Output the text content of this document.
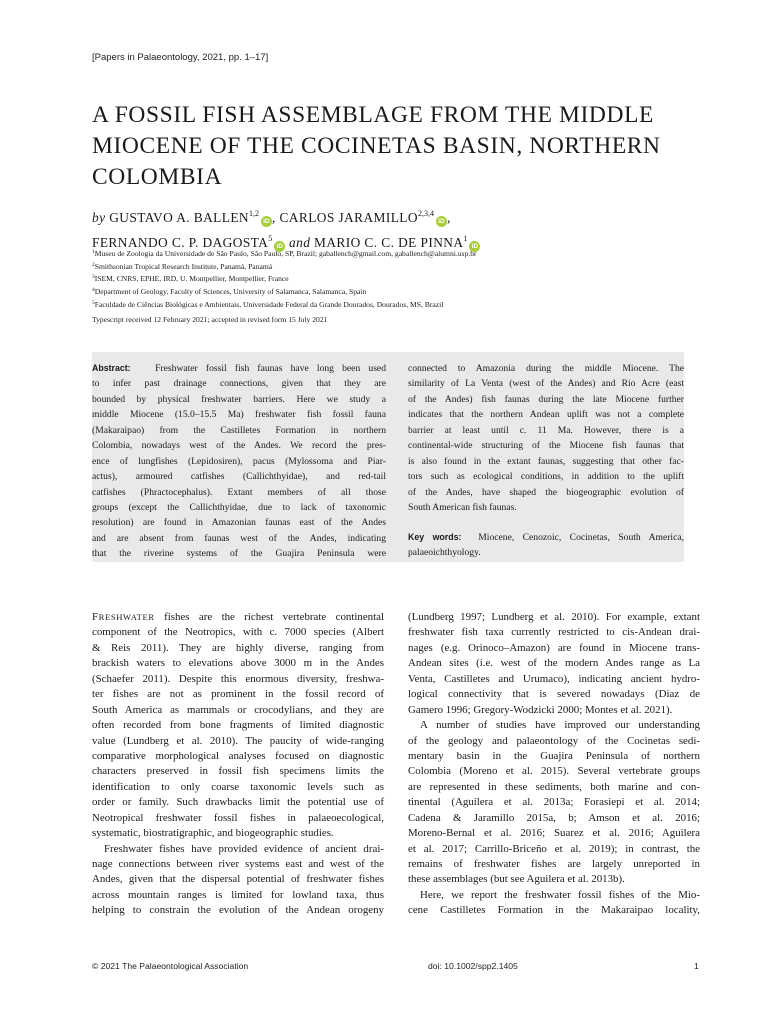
[Papers in Palaeontology, 2021, pp. 1–17]
A FOSSIL FISH ASSEMBLAGE FROM THE MIDDLE
MIOCENE OF THE COCINETAS BASIN, NORTHERN
COLOMBIA
by GUSTAVO A. BALLEN$^{1,2}$iD , CARLOS JARAMILLO$^{2,3,4}$iD ,
FERNANDO C. P. DAGOSTA$^5$iD and MARIO C. C. DE PINNA$^1$iD
$^1$Museu de Zoologia da Universidade de São Paulo, São Paulo, SP, Brazil; gaballench@gmail.com, gaballench@alumni.usp.br
$^2$Smithsonian Tropical Research Institute, Panamá, Panamá
$^3$ISEM, CNRS, EPHE, IRD, U. Montpellier, Montpellier, France
$^4$Department of Geology, Faculty of Sciences, University of Salamanca, Salamanca, Spain
$^5$Faculdade de Ciências Biológicas e Ambientais, Universidade Federal da Grande Dourados, Dourados, MS, Brazil
Typescript received 12 February 2021; accepted in revised form 15 July 2021
Abstract:	Freshwater fossil fish faunas have long been used
to infer past drainage connections, given that they are
bounded by physical freshwater barriers. Here we study a
middle Miocene (15.0–15.5 Ma) freshwater fish fossil fauna
(Makaraipao) from the Castilletes Formation in northern
Colombia, nowadays west of the Andes. We record the pres-
ence of lungfishes (Lepidosiren), pacus (Mylossoma and Piar-
actus), armoured catfishes (Callichthyidae), and red-tail
catfishes (Phractocephalus). Extant members of all those
groups (except the Callichthyidae, due to lack of taxonomic
resolution) are found in Amazonian faunas east of the Andes
and are absent from faunas west of the Andes, indicating
that the riverine systems of the Guajira Peninsula were
connected to Amazonia during the middle Miocene. The
similarity of La Venta (west of the Andes) and Rio Acre (east
of the Andes) fish faunas during the late Miocene further
indicates that the northern Andean uplift was not a complete
barrier at least until c. 11 Ma. However, there is a
continental-wide structuring of the Miocene fish faunas that
is also found in the extant faunas, suggesting that other fac-
tors such as ecological conditions, in addition to the uplift
of the Andes, have shaped the biogeographic evolution of
South American fish faunas.
Key words: Miocene, Cenozoic, Cocinetas, South America,
palaeoichthyology.
FRESHWATER fishes are the richest vertebrate continental
component of the Neotropics, with c. 7000 species (Albert
& Reis 2011). They are highly diverse, ranging from
brackish waters to elevations above 3000 m in the Andes
(Schaefer 2011). Despite this enormous diversity, freshwa-
ter fishes are not as prominent in the fossil record of
South America as mammals or crocodylians, and they are
often recorded from bone fragments of limited diagnostic
value (Lundberg et al. 2010). The paucity of wide-ranging
comparative morphological analyses focused on diagnostic
characters preserved in fossil fish specimens limits the
identification to only coarse taxonomic levels such as
order or family. Such drawbacks limit the potential use of
Neotropical freshwater fossil fishes in palaeoecological,
systematic, biostratigraphic, and biogeographic studies.
Freshwater fishes have provided evidence of ancient drai-
nage connections between river systems east and west of the
Andes, given that the dispersal potential of freshwater fishes
across mountain ranges is limited for lowland taxa, thus
helping to constrain the evolution of the Andean orogeny
(Lundberg 1997; Lundberg et al. 2010). For example, extant
freshwater fish taxa currently restricted to cis-Andean drai-
nages (e.g. Orinoco–Amazon) are found in Miocene trans-
Andean sites (i.e. west of the modern Andes range as La
Venta, Castilletes and Urumaco), indicating ancient hydro-
logical connectivity that is severed nowadays (Diaz de
Gamero 1996; Gregory-Wodzicki 2000; Montes et al. 2021).
A number of studies have improved our understanding
of the geology and palaeontology of the Cocinetas sedi-
mentary basin in the Guajira Peninsula of northern
Colombia (Moreno et al. 2015). Several vertebrate groups
are represented in these sediments, both marine and con-
tinental (Aguilera et al. 2013a; Forasiepi et al. 2014;
Cadena & Jaramillo 2015a, b; Amson et al. 2016;
Moreno-Bernal et al. 2016; Suarez et al. 2016; Aguilera
et al. 2017; Carrillo-Briceño et al. 2019); in contrast, the
remains of freshwater fishes are largely unreported in
these assemblages (but see Aguilera et al. 2013b).
Here, we report the freshwater fossil fishes of the Mio-
cene Castilletes Formation in the Makaraipao locality,
© 2021 The Palaeontological Association	doi: 10.1002/spp2.1405	1
